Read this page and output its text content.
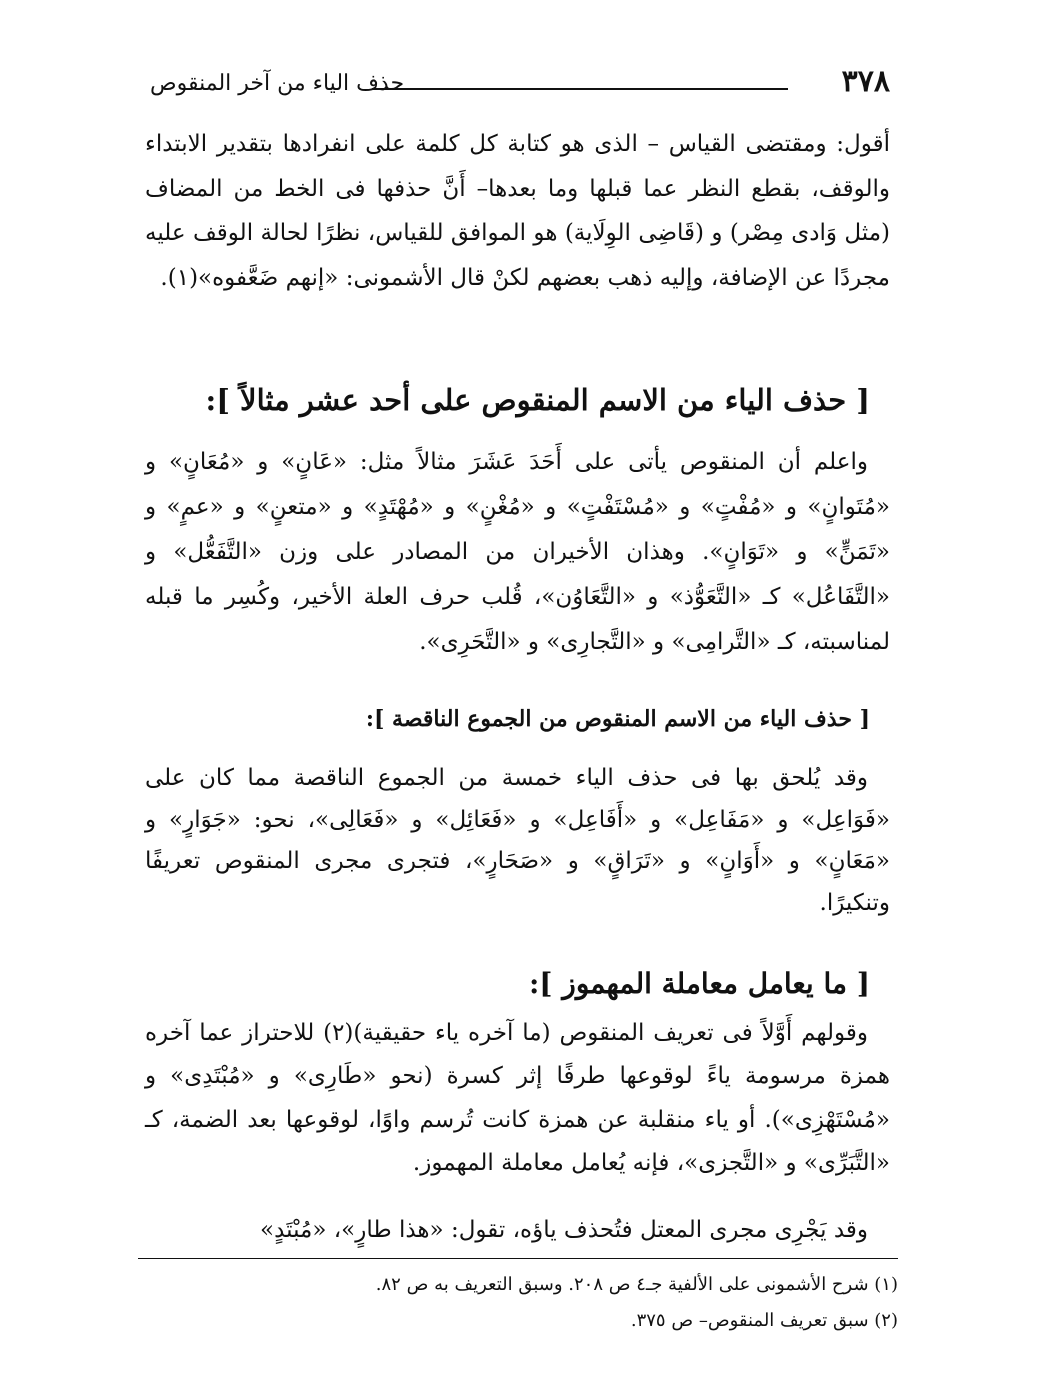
٣٧٨
حذف الياء من آخر المنقوص

أقول: ومقتضى القياس – الذى هو كتابة كل كلمة على انفرادها بتقدير الابتداء والوقف، بقطع النظر عما قبلها وما بعدها– أَنَّ حذفها فى الخط من المضاف (مثل وَادى مِصْر) و (قَاضِى الوِلَاية) هو الموافق للقياس، نظرًا لحالة الوقف عليه مجردًا عن الإضافة، وإليه ذهب بعضهم لكنْ قال الأشمونى: «إنهم ضَعَّفوه»(١).

[ حذف الياء من الاسم المنقوص على أحد عشر مثالاً ]:

واعلم أن المنقوص يأتى على أَحَدَ عَشَرَ مثالاً مثل: «عَانٍ» و «مُعَانٍ» و «مُتَوانٍ» و «مُفْتٍ» و «مُسْتَفْتٍ» و «مُغْنٍ» و «مُهْتَدٍ» و «متعنٍ» و «عمٍ» و «تَمَنٍّ» و «تَوَانٍ». وهذان الأخيران من المصادر على وزن «التَّفَعُّل» و «التَّفَاعُل» كـ «التَّعَوُّذ» و «التَّعَاوُن»، قُلب حرف العلة الأخير، وكُسِر ما قبله لمناسبته، كـ «التَّرامِى» و «التَّجارِى» و «التَّحَرِى».

[ حذف الياء من الاسم المنقوص من الجموع الناقصة ]:

وقد يُلحق بها فى حذف الياء خمسة من الجموع الناقصة مما كان على «فَوَاعِل» و «مَفَاعِل» و «أَفَاعِل» و «فَعَائِل» و «فَعَالِى»، نحو: «جَوَارٍ» و «مَعَانٍ» و «أَوَانٍ» و «تَرَاقٍ» و «صَحَارٍ»، فتجرى مجرى المنقوص تعريفًا وتنكيرًا.

[ ما يعامل معاملة المهموز ]:

وقولهم أَوَّلاً فى تعريف المنقوص (ما آخره ياء حقيقية)(٢) للاحتراز عما آخره همزة مرسومة ياءً لوقوعها طرفًا إثر كسرة (نحو «طَارِى» و «مُبْتَدِى» و «مُسْتَهْزِى»). أو ياء منقلبة عن همزة كانت تُرسم واوًا، لوقوعها بعد الضمة، كـ «التَّبَرِّى» و «التَّجزى»، فإنه يُعامل معاملة المهموز.

وقد يَجْرِى مجرى المعتل فتُحذف ياؤه، تقول: «هذا طارٍ»، «مُبْتَدٍ»

(١) شرح الأشمونى على الألفية جـ٤ ص ٢٠٨. وسبق التعريف به ص ٨٢.
(٢) سبق تعريف المنقوص– ص ٣٧٥.
